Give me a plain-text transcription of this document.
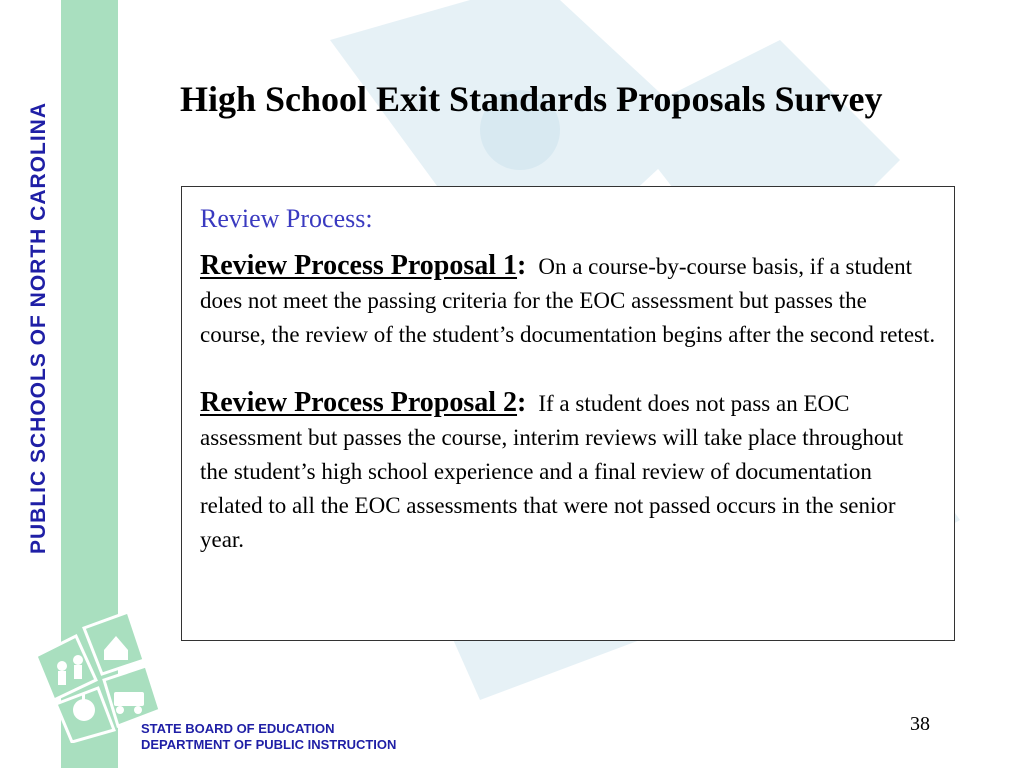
PUBLIC SCHOOLS OF NORTH CAROLINA
High School Exit Standards Proposals Survey
Review Process:

Review Process Proposal 1: On a course-by-course basis, if a student does not meet the passing criteria for the EOC assessment but passes the course, the review of the student’s documentation begins after the second retest.

Review Process Proposal 2: If a student does not pass an EOC assessment but passes the course, interim reviews will take place throughout the student’s high school experience and a final review of documentation related to all the EOC assessments that were not passed occurs in the senior year.

38
STATE BOARD OF EDUCATION
DEPARTMENT OF PUBLIC INSTRUCTION
